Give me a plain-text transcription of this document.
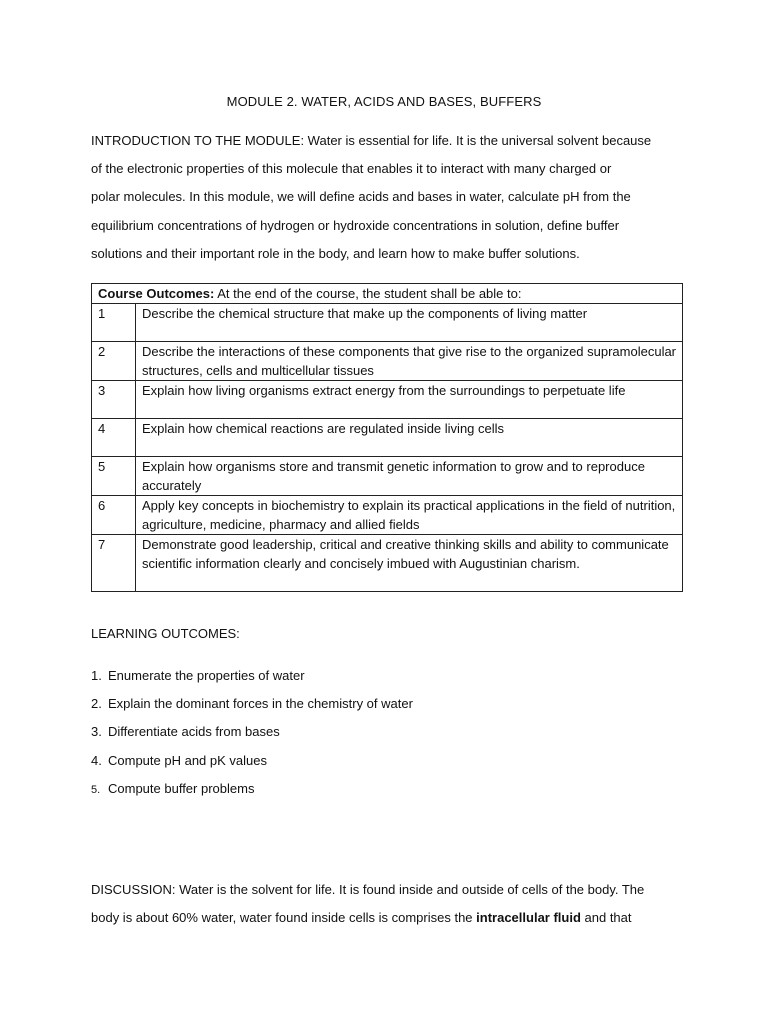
MODULE 2. WATER, ACIDS AND BASES, BUFFERS

INTRODUCTION TO THE MODULE: Water is essential for life. It is the universal solvent because
of the electronic properties of this molecule that enables it to interact with many charged or
polar molecules. In this module, we will define acids and bases in water, calculate pH from the
equilibrium concentrations of hydrogen or hydroxide concentrations in solution, define buffer
solutions and their important role in the body, and learn how to make buffer solutions.

Course Outcomes: At the end of the course, the student shall be able to:	
1	Describe the chemical structure that make up the components of living matter
2	Describe the interactions of these components that give rise to the organized supramolecular structures, cells and multicellular tissues
3	Explain how living organisms extract energy from the surroundings to perpetuate life
4	Explain how chemical reactions are regulated inside living cells
5	Explain how organisms store and transmit genetic information to grow and to reproduce accurately
6	Apply key concepts in biochemistry to explain its practical applications in the field of nutrition, agriculture, medicine, pharmacy and allied fields
7	Demonstrate good leadership, critical and creative thinking skills and ability to communicate scientific information clearly and concisely imbued with Augustinian charism.
LEARNING OUTCOMES:
1. Enumerate the properties of water
2. Explain the dominant forces in the chemistry of water
3. Differentiate acids from bases
4. Compute pH and pK values
5. Compute buffer problems

DISCUSSION: Water is the solvent for life. It is found inside and outside of cells of the body. The
body is about 60% water, water found inside cells is comprises the intracellular fluid and that
